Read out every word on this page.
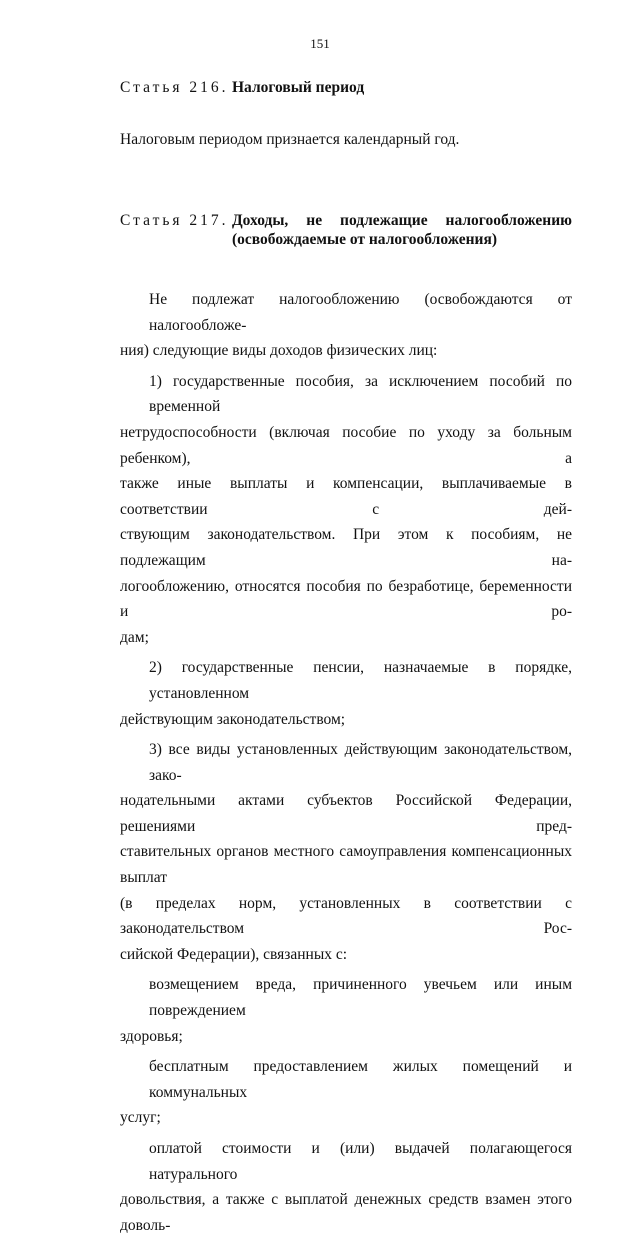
151
Статья 216. Налоговый период
Налоговым периодом признается календарный год.
Статья 217. Доходы, не подлежащие налогообложению
(освобождаемые от налогообложения)
Не подлежат налогообложению (освобождаются от налогообложе-
ния) следующие виды доходов физических лиц:
1) государственные пособия, за исключением пособий по временной
нетрудоспособности (включая пособие по уходу за больным ребенком), а
также иные выплаты и компенсации, выплачиваемые в соответствии с дей-
ствующим законодательством. При этом к пособиям, не подлежащим на-
логообложению, относятся пособия по безработице, беременности и ро-
дам;
2) государственные пенсии, назначаемые в порядке, установленном
действующим законодательством;
3) все виды установленных действующим законодательством, зако-
нодательными актами субъектов Российской Федерации, решениями пред-
ставительных органов местного самоуправления компенсационных выплат
(в пределах норм, установленных в соответствии с законодательством Рос-
сийской Федерации), связанных с:
возмещением вреда, причиненного увечьем или иным повреждением
здоровья;
бесплатным предоставлением жилых помещений и коммунальных
услуг;
оплатой стоимости и (или) выдачей полагающегося натурального
довольствия, а также с выплатой денежных средств взамен этого доволь-
